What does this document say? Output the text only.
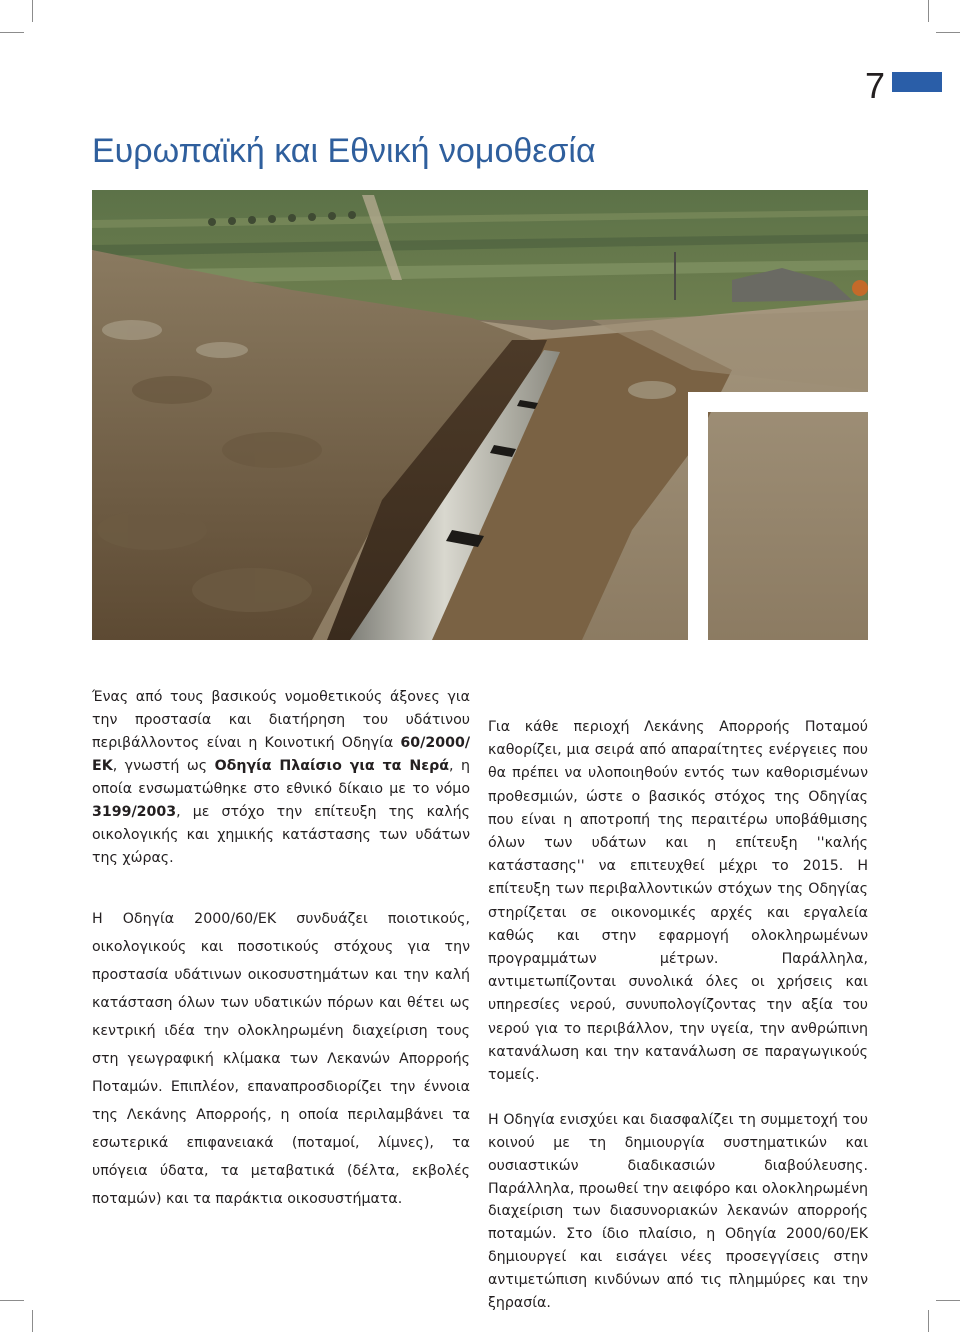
7
Ευρωπαϊκή και Εθνική νομοθεσία

Ένας από τους βασικούς νομοθετικούς άξονες για την προστασία και διατήρηση του υδάτινου περιβάλλοντος είναι η Κοινοτική Οδηγία 60/2000/ΕΚ, γνωστή ως Οδηγία Πλαίσιο για τα Νερά, η οποία ενσωματώθηκε στο εθνικό δίκαιο με το νόμο 3199/2003, με στόχο την επίτευξη της καλής οικολογικής και χημικής κατάστασης των υδάτων της χώρας.

Η Οδηγία 2000/60/ΕΚ συνδυάζει ποιοτικούς, οικολογικούς και ποσοτικούς στόχους για την προστασία υδάτινων οικοσυστημάτων και την καλή κατάσταση όλων των υδατικών πόρων και θέτει ως κεντρική ιδέα την ολοκληρωμένη διαχείριση τους στη γεωγραφική κλίμακα των Λεκανών Απορροής Ποταμών. Επιπλέον, επαναπροσδιορίζει την έννοια της Λεκάνης Απορροής, η οποία περιλαμβάνει τα εσωτερικά επιφανειακά (ποταμοί, λίμνες), τα υπόγεια ύδατα, τα μεταβατικά (δέλτα, εκβολές ποταμών) και τα παράκτια οικοσυστήματα.

Για κάθε περιοχή Λεκάνης Απορροής Ποταμού καθορίζει, μια σειρά από απαραίτητες ενέργειες που θα πρέπει να υλοποιηθούν εντός των καθορισμένων προθεσμιών, ώστε ο βασικός στόχος της Οδηγίας που είναι η αποτροπή της περαιτέρω υποβάθμισης όλων των υδάτων και η επίτευξη ''καλής κατάστασης'' να επιτευχθεί μέχρι το 2015. Η επίτευξη των περιβαλλοντικών στόχων της Οδηγίας στηρίζεται σε οικονομικές αρχές και εργαλεία καθώς και στην εφαρμογή ολοκληρωμένων προγραμμάτων μέτρων. Παράλληλα, αντιμετωπίζονται συνολικά όλες οι χρήσεις και υπηρεσίες νερού, συνυπολογίζοντας την αξία του νερού για το περιβάλλον, την υγεία, την ανθρώπινη κατανάλωση και την κατανάλωση σε παραγωγικούς τομείς.

Η Οδηγία ενισχύει και διασφαλίζει τη συμμετοχή του κοινού με τη δημιουργία συστηματικών και ουσιαστικών διαδικασιών διαβούλευσης. Παράλληλα, προωθεί την αειφόρο και ολοκληρωμένη διαχείριση των διασυνοριακών λεκανών απορροής ποταμών. Στο ίδιο πλαίσιο, η Οδηγία 2000/60/ΕΚ δημιουργεί και εισάγει νέες προσεγγίσεις στην αντιμετώπιση κινδύνων από τις πλημμύρες και την ξηρασία.
